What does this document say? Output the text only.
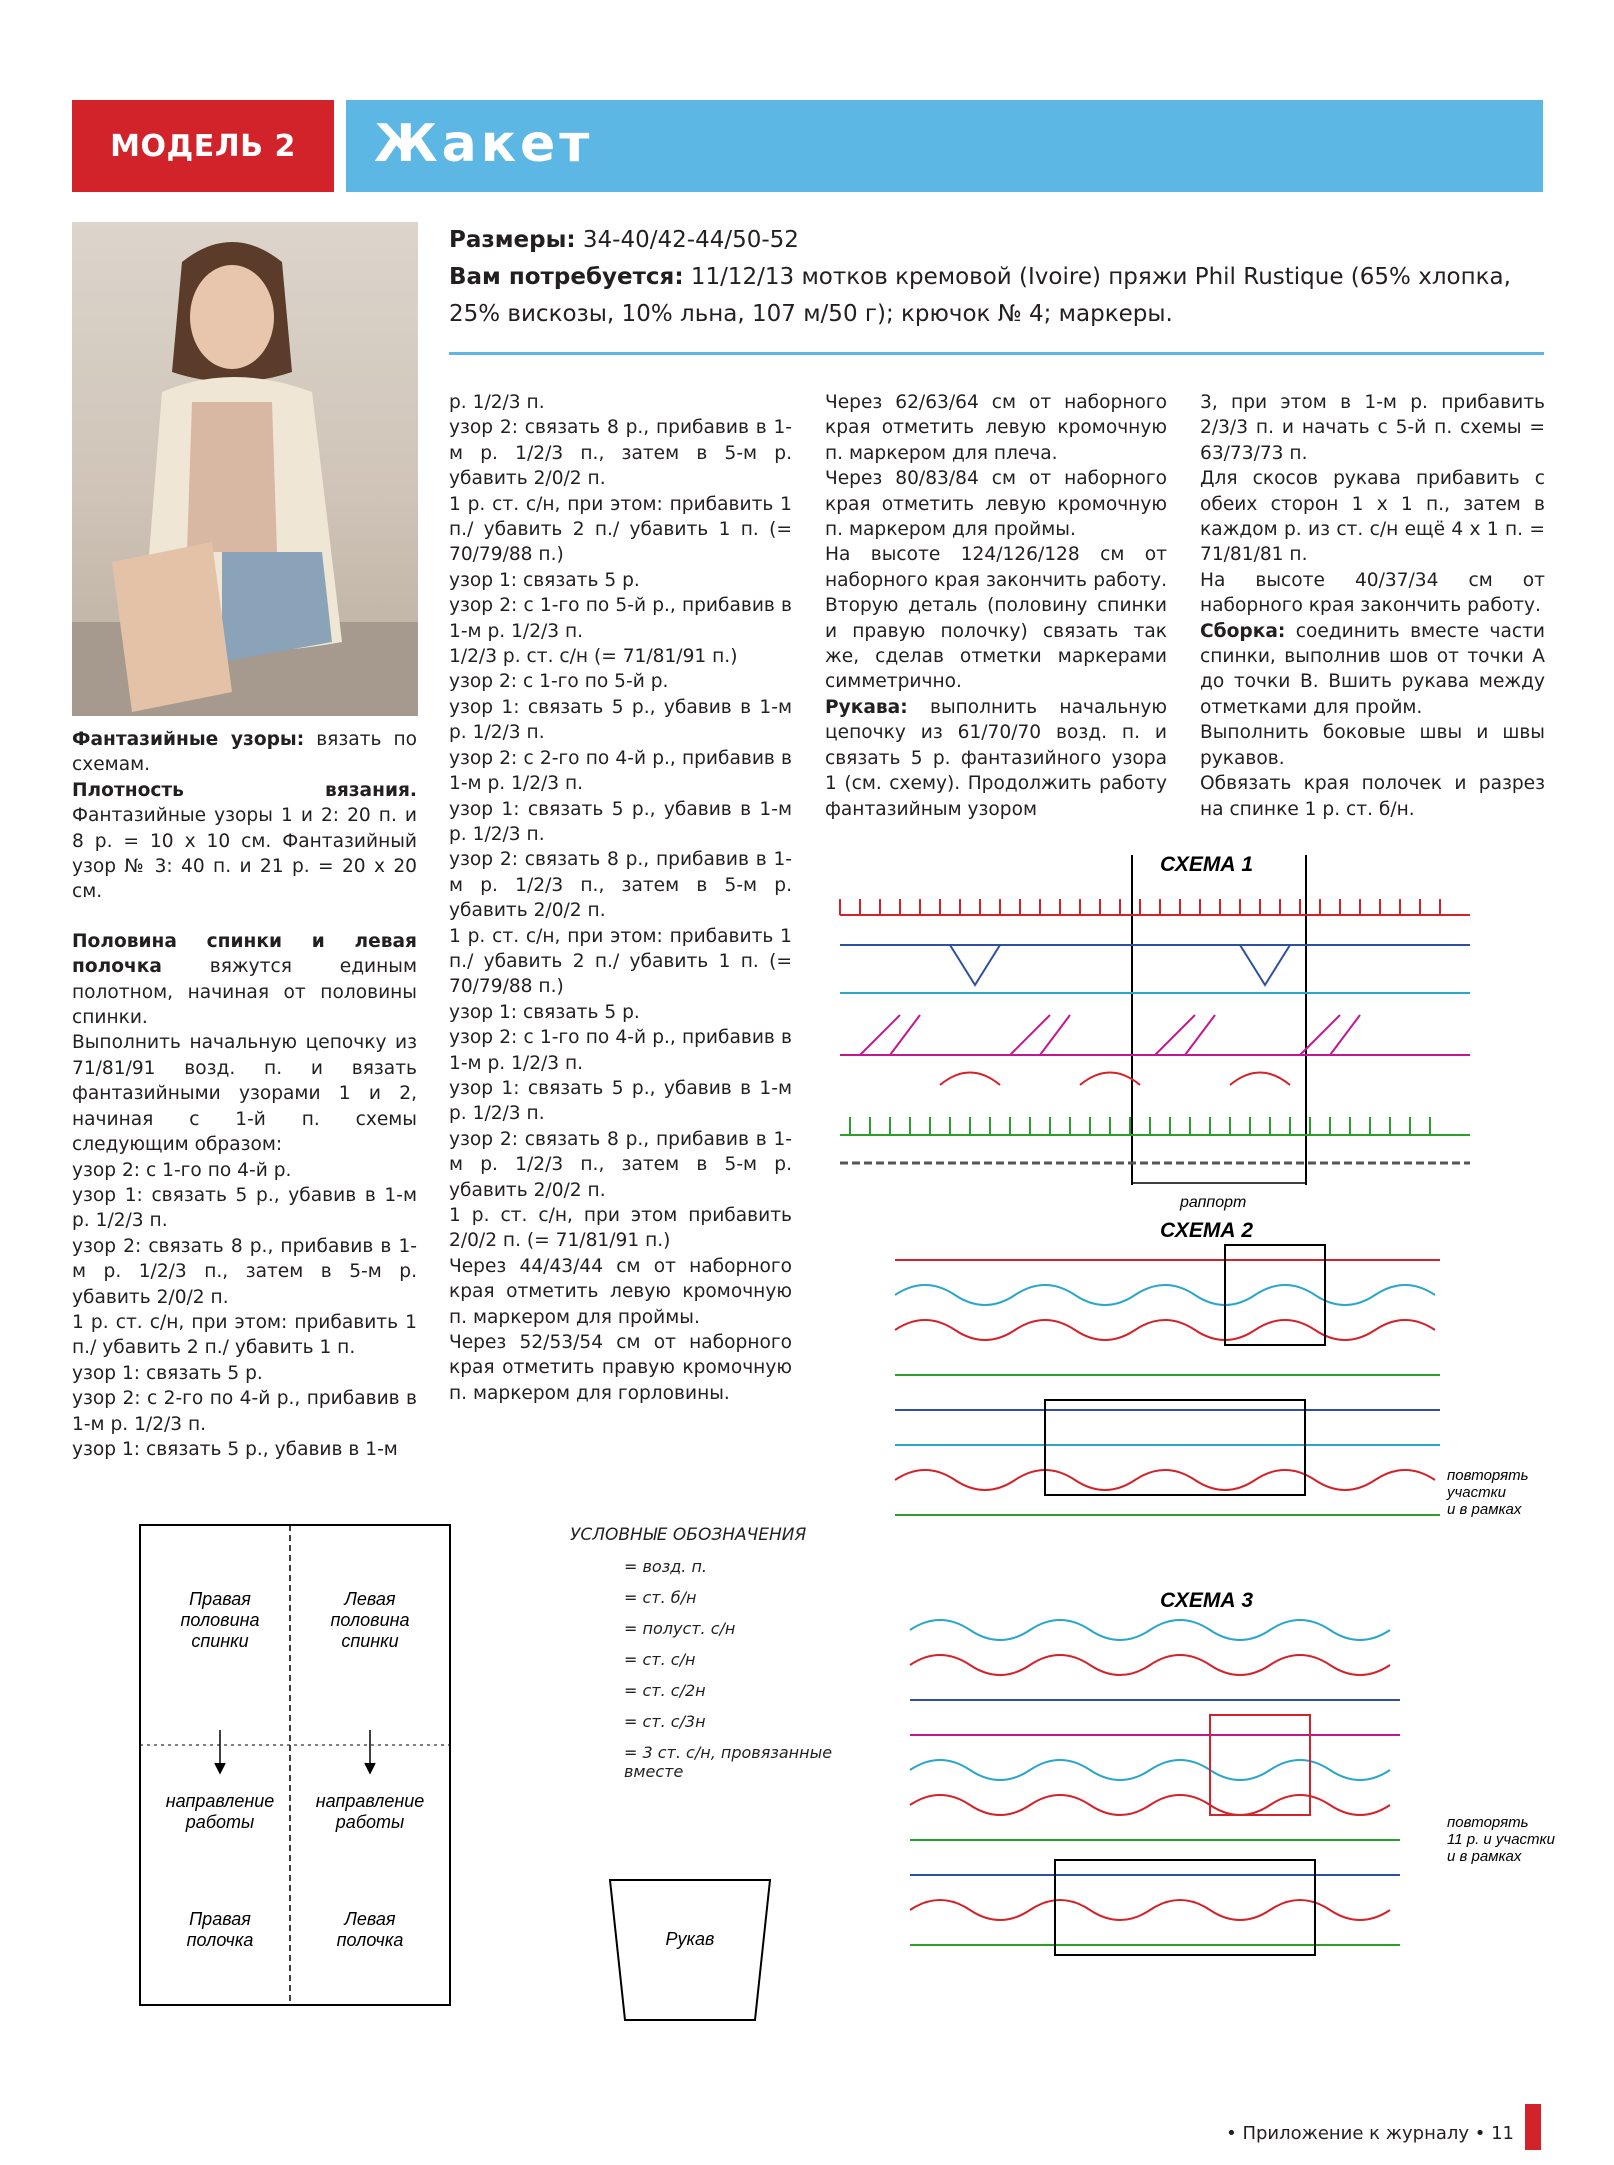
МОДЕЛЬ 2	Жакет

Размеры: 34-40/42-44/50-52

Вам потребуется: 11/12/13 мотков кремовой (Ivoire) пряжи Phil Rustique (65% хлопка, 25% вискозы, 10% льна, 107 м/50 г); крючок № 4; маркеры.

Фантазийные узоры: вязать по схемам.

Плотность вязания. Фантазийные узоры 1 и 2: 20 п. и 8 р. = 10 х 10 см. Фантазийный узор № 3: 40 п. и 21 р. = 20 х 20 см.

Половина спинки и левая полочка вяжутся единым полотном, начиная от половины спинки.

Выполнить начальную цепочку из 71/81/91 возд. п. и вязать фантазийными узорами 1 и 2, начиная с 1-й п. схемы следующим образом:

узор 2: с 1-го по 4-й р.

узор 1: связать 5 р., убавив в 1-м р. 1/2/3 п.

узор 2: связать 8 р., прибавив в 1-м р. 1/2/3 п., затем в 5-м р. убавить 2/0/2 п.

1 р. ст. с/н, при этом: прибавить 1 п./ убавить 2 п./ убавить 1 п.

узор 1: связать 5 р.

узор 2: с 2-го по 4-й р., прибавив в 1-м р. 1/2/3 п.

узор 1: связать 5 р., убавив в 1-м

р. 1/2/3 п.

узор 2: связать 8 р., прибавив в 1-м р. 1/2/3 п., затем в 5-м р. убавить 2/0/2 п.

1 р. ст. с/н, при этом: прибавить 1 п./ убавить 2 п./ убавить 1 п. (= 70/79/88 п.)

узор 1: связать 5 р.

узор 2: с 1-го по 5-й р., прибавив в 1-м р. 1/2/3 п.

1/2/3 р. ст. с/н (= 71/81/91 п.)

узор 2: с 1-го по 5-й р.

узор 1: связать 5 р., убавив в 1-м р. 1/2/3 п.

узор 2: с 2-го по 4-й р., прибавив в 1-м р. 1/2/3 п.

узор 1: связать 5 р., убавив в 1-м р. 1/2/3 п.

узор 2: связать 8 р., прибавив в 1-м р. 1/2/3 п., затем в 5-м р. убавить 2/0/2 п.

1 р. ст. с/н, при этом: прибавить 1 п./ убавить 2 п./ убавить 1 п. (= 70/79/88 п.)

узор 1: связать 5 р.

узор 2: с 1-го по 4-й р., прибавив в 1-м р. 1/2/3 п.

узор 1: связать 5 р., убавив в 1-м р. 1/2/3 п.

узор 2: связать 8 р., прибавив в 1-м р. 1/2/3 п., затем в 5-м р. убавить 2/0/2 п.

1 р. ст. с/н, при этом прибавить 2/0/2 п. (= 71/81/91 п.)

Через 44/43/44 см от наборного края отметить левую кромочную п. маркером для проймы.

Через 52/53/54 см от наборного края отметить правую кромочную п. маркером для горловины.

Через 62/63/64 см от наборного края отметить левую кромочную п. маркером для плеча.

Через 80/83/84 см от наборного края отметить левую кромочную п. маркером для проймы.

На высоте 124/126/128 см от наборного края закончить работу. Вторую деталь (половину спинки и правую полочку) связать так же, сделав отметки маркерами симметрично.

Рукава: выполнить начальную цепочку из 61/70/70 возд. п. и связать 5 р. фантазийного узора 1 (см. схему). Продолжить работу фантазийным узором

3, при этом в 1-м р. прибавить 2/3/3 п. и начать с 5-й п. схемы = 63/73/73 п.

Для скосов рукава прибавить с обеих сторон 1 х 1 п., затем в каждом р. из ст. с/н ещё 4 х 1 п. = 71/81/81 п.

На высоте 40/37/34 см от наборного края закончить работу.

Сборка: соединить вместе части спинки, выполнив шов от точки А до точки В. Вшить рукава между отметками для пройм.

Выполнить боковые швы и швы рукавов.

Обвязать края полочек и разрез на спинке 1 р. ст. б/н.

СХЕМА 1
раппорт
СХЕМА 2
повторять
участки
и в рамках
СХЕМА 3
повторять
11 р. и участки
и в рамках
Правая
половина
спинки
Левая
половина
спинки
направление
работы
направление
работы
Правая
полочка
Левая
полочка
УСЛОВНЫЕ ОБОЗНАЧЕНИЯ
= возд. п.
= ст. б/н
= полуст. с/н
= ст. с/н
= ст. с/2н
= ст. с/3н
= 3 ст. с/н, провязанные вместе
Рукав
• Приложение к журналу • 11
